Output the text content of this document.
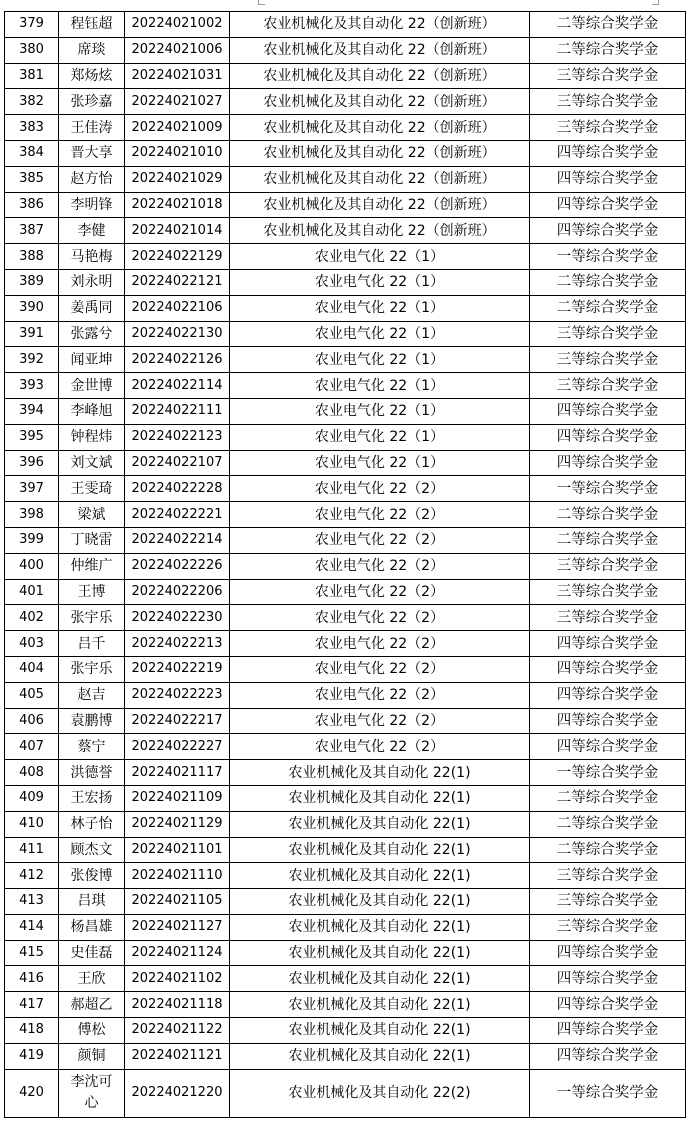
379	程钰超	20224021002	农业机械化及其自动化 22（创新班）	二等综合奖学金
380	席琰	20224021006	农业机械化及其自动化 22（创新班）	二等综合奖学金
381	郑炀炫	20224021031	农业机械化及其自动化 22（创新班）	三等综合奖学金
382	张珍嘉	20224021027	农业机械化及其自动化 22（创新班）	三等综合奖学金
383	王佳涛	20224021009	农业机械化及其自动化 22（创新班）	三等综合奖学金
384	晋大享	20224021010	农业机械化及其自动化 22（创新班）	四等综合奖学金
385	赵方怡	20224021029	农业机械化及其自动化 22（创新班）	四等综合奖学金
386	李明锋	20224021018	农业机械化及其自动化 22（创新班）	四等综合奖学金
387	李健	20224021014	农业机械化及其自动化 22（创新班）	四等综合奖学金
388	马艳梅	20224022129	农业电气化 22（1）	一等综合奖学金
389	刘永明	20224022121	农业电气化 22（1）	二等综合奖学金
390	姜禹同	20224022106	农业电气化 22（1）	二等综合奖学金
391	张露兮	20224022130	农业电气化 22（1）	三等综合奖学金
392	闻亚坤	20224022126	农业电气化 22（1）	三等综合奖学金
393	金世博	20224022114	农业电气化 22（1）	三等综合奖学金
394	李峰旭	20224022111	农业电气化 22（1）	四等综合奖学金
395	钟程炜	20224022123	农业电气化 22（1）	四等综合奖学金
396	刘文斌	20224022107	农业电气化 22（1）	四等综合奖学金
397	王雯琦	20224022228	农业电气化 22（2）	一等综合奖学金
398	梁斌	20224022221	农业电气化 22（2）	二等综合奖学金
399	丁晓雷	20224022214	农业电气化 22（2）	二等综合奖学金
400	仲维广	20224022226	农业电气化 22（2）	三等综合奖学金
401	王博	20224022206	农业电气化 22（2）	三等综合奖学金
402	张宇乐	20224022230	农业电气化 22（2）	三等综合奖学金
403	吕千	20224022213	农业电气化 22（2）	四等综合奖学金
404	张宇乐	20224022219	农业电气化 22（2）	四等综合奖学金
405	赵吉	20224022223	农业电气化 22（2）	四等综合奖学金
406	袁鹏博	20224022217	农业电气化 22（2）	四等综合奖学金
407	蔡宁	20224022227	农业电气化 22（2）	四等综合奖学金
408	洪德誉	20224021117	农业机械化及其自动化 22(1)	一等综合奖学金
409	王宏扬	20224021109	农业机械化及其自动化 22(1)	二等综合奖学金
410	林子怡	20224021129	农业机械化及其自动化 22(1)	二等综合奖学金
411	顾杰文	20224021101	农业机械化及其自动化 22(1)	二等综合奖学金
412	张俊博	20224021110	农业机械化及其自动化 22(1)	三等综合奖学金
413	吕琪	20224021105	农业机械化及其自动化 22(1)	三等综合奖学金
414	杨昌雄	20224021127	农业机械化及其自动化 22(1)	三等综合奖学金
415	史佳磊	20224021124	农业机械化及其自动化 22(1)	四等综合奖学金
416	王欣	20224021102	农业机械化及其自动化 22(1)	四等综合奖学金
417	郝超乙	20224021118	农业机械化及其自动化 22(1)	四等综合奖学金
418	傅松	20224021122	农业机械化及其自动化 22(1)	四等综合奖学金
419	颜铜	20224021121	农业机械化及其自动化 22(1)	四等综合奖学金
420	李沈可心	20224021220	农业机械化及其自动化 22(2)	一等综合奖学金
